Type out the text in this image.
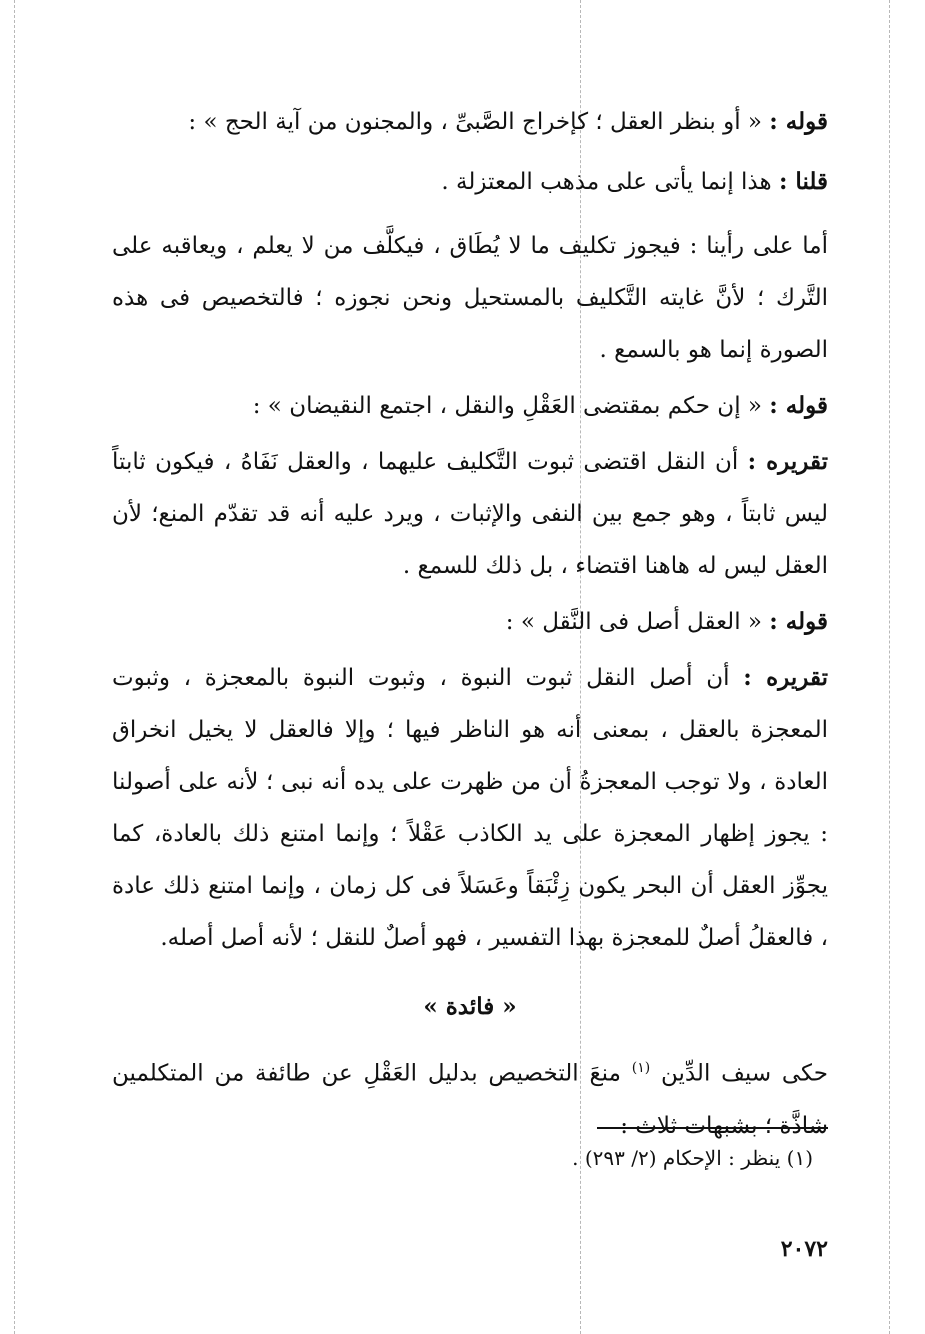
قوله : « أو بنظر العقل ؛ كإخراج الصَّبىِّ ، والمجنون من آية الحج » :

قلنا : هذا إنما يأتى على مذهب المعتزلة .

أما على رأينا : فيجوز تكليف ما لا يُطَاق ، فيكلَّف من لا يعلم ، ويعاقبه على التَّرك ؛ لأنَّ غايته التَّكليف بالمستحيل ونحن نجوزه ؛ فالتخصيص فى هذه الصورة إنما هو بالسمع .

قوله : « إن حكم بمقتضى العَقْلِ والنقل ، اجتمع النقيضان » :

تقريره : أن النقل اقتضى ثبوت التَّكليف عليهما ، والعقل نَفَاهُ ، فيكون ثابتاً ليس ثابتاً ، وهو جمع بين النفى والإثبات ، ويرد عليه أنه قد تقدّم المنع؛ لأن العقل ليس له هاهنا اقتضاء ، بل ذلك للسمع .

قوله : « العقل أصل فى النَّقل » :

تقريره : أن أصل النقل ثبوت النبوة ، وثبوت النبوة بالمعجزة ، وثبوت المعجزة بالعقل ، بمعنى أنه هو الناظر فيها ؛ وإلا فالعقل لا يخيل انخراق العادة ، ولا توجب المعجزةُ أن من ظهرت على يده أنه نبى ؛ لأنه على أصولنا : يجوز إظهار المعجزة على يد الكاذب عَقْلاً ؛ وإنما امتنع ذلك بالعادة، كما يجوِّز العقل أن البحر يكون زِئْبَقاً وعَسَلاً فى كل زمان ، وإنما امتنع ذلك عادة ، فالعقلُ أصلٌ للمعجزة بهذا التفسير ، فهو أصلٌ للنقل ؛ لأنه أصل أصله.

« فائدة »

حكى سيف الدِّين $^{(١)}$ منعَ التخصيص بدليل العَقْلِ عن طائفة من المتكلمين شاذَّة ؛ بشبهات ثلاث :

(١) ينظر : الإحكام (٢/ ٢٩٣) .
٢٠٧٢
